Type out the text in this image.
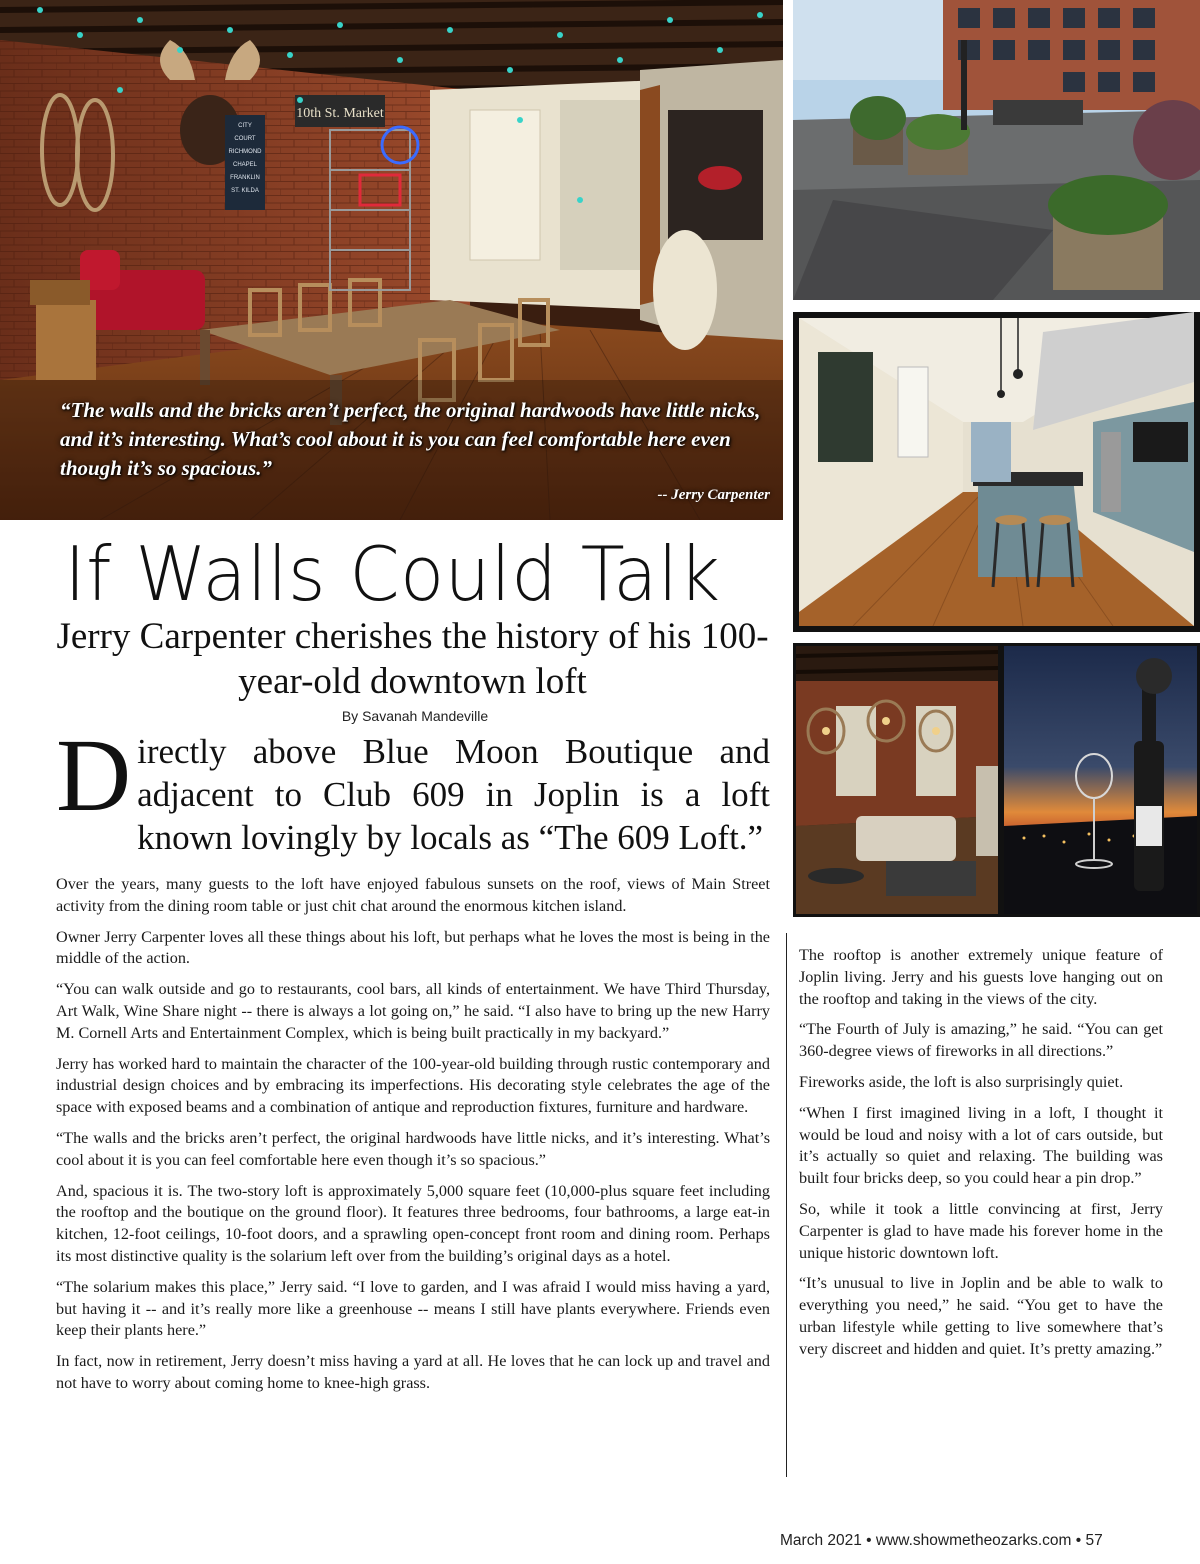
10th St. Market
CITY
COURT
RICHMOND
CHAPEL
FRANKLIN
ST. KILDA
“The walls and the bricks aren’t perfect, the original hardwoods have little nicks, and it’s interesting. What’s cool about it is you can feel comfortable here even though it’s so spacious.”
-- Jerry Carpenter
If Walls Could Talk
Jerry Carpenter cherishes the history of his 100-year-old downtown loft
By Savanah Mandeville
Directly above Blue Moon Boutique and adjacent to Club 609 in Joplin is a loft known lovingly by locals as “The 609 Loft.”

Over the years, many guests to the loft have enjoyed fabulous sunsets on the roof, views of Main Street activity from the dining room table or just chit chat around the enormous kitchen island.

Owner Jerry Carpenter loves all these things about his loft, but perhaps what he loves the most is being in the middle of the action.

“You can walk outside and go to restaurants, cool bars, all kinds of entertainment. We have Third Thursday, Art Walk, Wine Share night -- there is always a lot going on,” he said. “I also have to bring up the new Harry M. Cornell Arts and Entertainment Complex, which is being built practically in my backyard.”

Jerry has worked hard to maintain the character of the 100-year-old building through rustic contemporary and industrial design choices and by embracing its imperfections. His decorating style celebrates the age of the space with exposed beams and a combination of antique and reproduction fixtures, furniture and hardware.

“The walls and the bricks aren’t perfect, the original hardwoods have little nicks, and it’s interesting. What’s cool about it is you can feel comfortable here even though it’s so spacious.”

And, spacious it is. The two-story loft is approximately 5,000 square feet (10,000-plus square feet including the rooftop and the boutique on the ground floor). It features three bedrooms, four bathrooms, a large eat-in kitchen, 12-foot ceilings, 10-foot doors, and a sprawling open-concept front room and dining room. Perhaps its most distinctive quality is the solarium left over from the building’s original days as a hotel.

“The solarium makes this place,” Jerry said. “I love to garden, and I was afraid I would miss having a yard, but having it -- and it’s really more like a greenhouse -- means I still have plants everywhere. Friends even keep their plants here.”

In fact, now in retirement, Jerry doesn’t miss having a yard at all. He loves that he can lock up and travel and not have to worry about coming home to knee-high grass.

The rooftop is another extremely unique feature of Joplin living. Jerry and his guests love hanging out on the rooftop and taking in the views of the city.

“The Fourth of July is amazing,” he said. “You can get 360-degree views of fireworks in all directions.”

Fireworks aside, the loft is also surprisingly quiet.

“When I first imagined living in a loft, I thought it would be loud and noisy with a lot of cars outside, but it’s actually so quiet and relaxing. The building was built four bricks deep, so you could hear a pin drop.”

So, while it took a little convincing at first, Jerry Carpenter is glad to have made his forever home in the unique historic downtown loft.

“It’s unusual to live in Joplin and be able to walk to everything you need,” he said. “You get to have the urban lifestyle while getting to live somewhere that’s very discreet and hidden and quiet. It’s pretty amazing.”

March 2021 • www.showmetheozarks.com • 57
